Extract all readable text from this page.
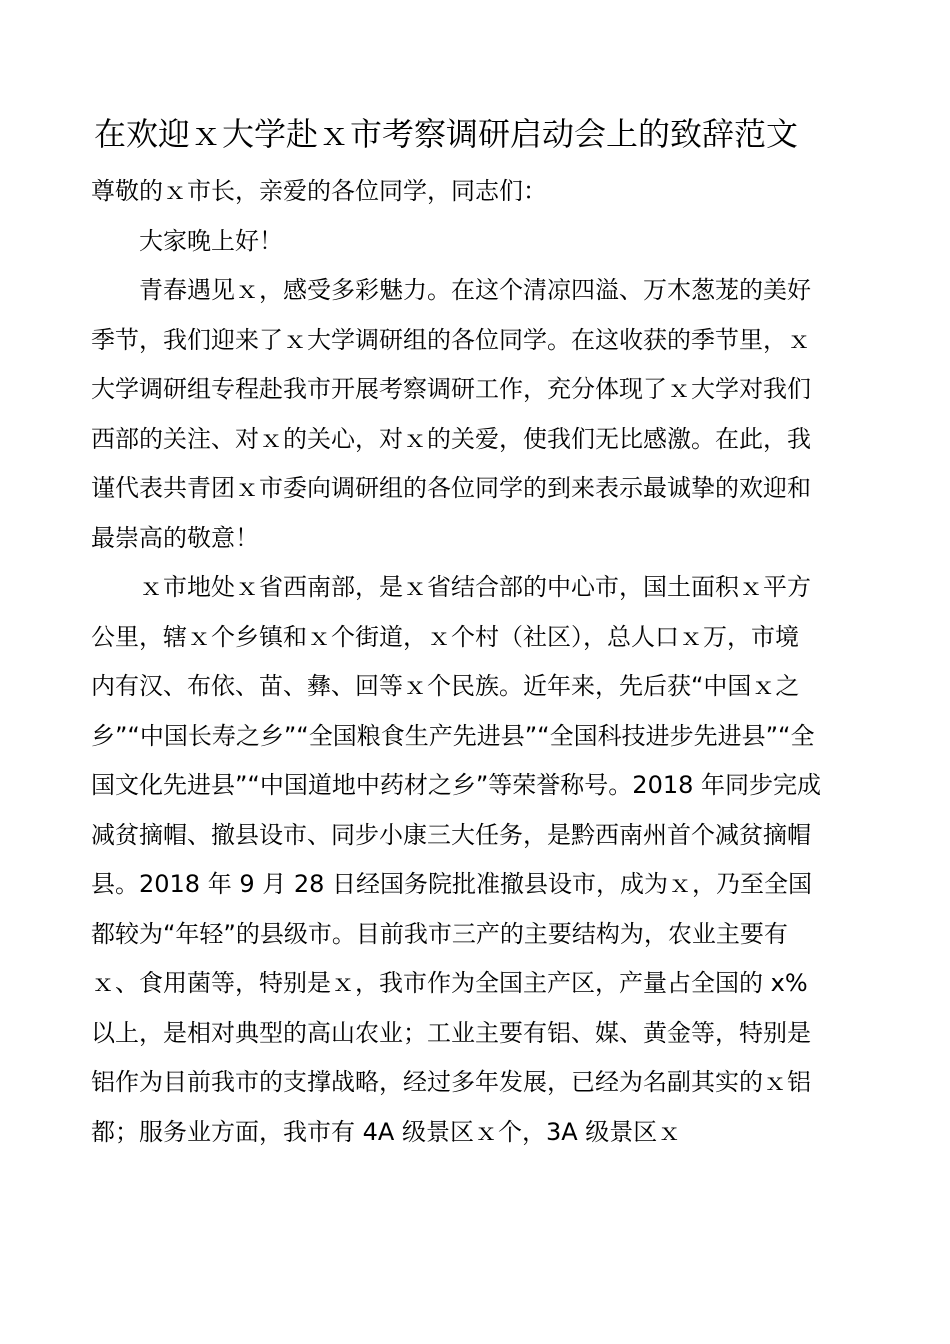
在欢迎ｘ大学赴ｘ市考察调研启动会上的致辞范文

尊敬的ｘ市长，亲爱的各位同学，同志们：

　　大家晚上好！

　　青春遇见ｘ，感受多彩魅力。在这个清凉四溢、万木葱茏的美好

季节，我们迎来了ｘ大学调研组的各位同学。在这收获的季节里，ｘ

大学调研组专程赴我市开展考察调研工作，充分体现了ｘ大学对我们

西部的关注、对ｘ的关心，对ｘ的关爱，使我们无比感激。在此，我

谨代表共青团ｘ市委向调研组的各位同学的到来表示最诚挚的欢迎和

最崇高的敬意！

　　ｘ市地处ｘ省西南部，是ｘ省结合部的中心市，国土面积ｘ平方

公里，辖ｘ个乡镇和ｘ个街道，ｘ个村（社区），总人口ｘ万，市境

内有汉、布依、苗、彝、回等ｘ个民族。近年来，先后获“中国ｘ之

乡”“中国长寿之乡”“全国粮食生产先进县”“全国科技进步先进县”“全

国文化先进县”“中国道地中药材之乡”等荣誉称号。2018 年同步完成

减贫摘帽、撤县设市、同步小康三大任务，是黔西南州首个减贫摘帽

县。2018 年 9 月 28 日经国务院批准撤县设市，成为ｘ，乃至全国

都较为“年轻”的县级市。目前我市三产的主要结构为，农业主要有

ｘ、食用菌等，特别是ｘ，我市作为全国主产区，产量占全国的 x%

以上，是相对典型的高山农业；工业主要有铝、媒、黄金等，特别是

铝作为目前我市的支撑战略，经过多年发展，已经为名副其实的ｘ铝

都；服务业方面，我市有 4A 级景区ｘ个，3A 级景区ｘ
